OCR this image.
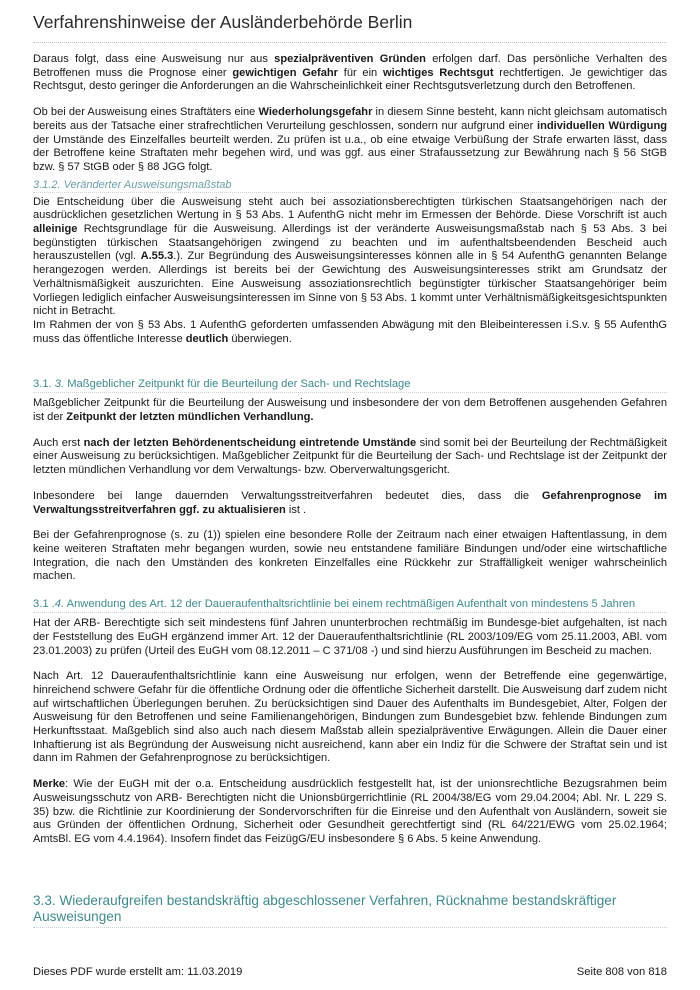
Verfahrenshinweise der Ausländerbehörde Berlin

Daraus folgt, dass eine Ausweisung nur aus spezialpräventiven Gründen erfolgen darf. Das persönliche Verhalten des Betroffenen muss die Prognose einer gewichtigen Gefahr für ein wichtiges Rechtsgut rechtfertigen. Je gewichtiger das Rechtsgut, desto geringer die Anforderungen an die Wahrscheinlichkeit einer Rechtsgutsverletzung durch den Betroffenen.

Ob bei der Ausweisung eines Straftäters eine Wiederholungsgefahr in diesem Sinne besteht, kann nicht gleichsam automatisch bereits aus der Tatsache einer strafrechtlichen Verurteilung geschlossen, sondern nur aufgrund einer individuellen Würdigung der Umstände des Einzelfalles beurteilt werden. Zu prüfen ist u.a., ob eine etwaige Verbüßung der Strafe erwarten lässt, dass der Betroffene keine Straftaten mehr begehen wird, und was ggf. aus einer Strafaussetzung zur Bewährung nach § 56 StGB bzw. § 57 StGB oder § 88 JGG folgt.

3.1.2. Veränderter Ausweisungsmaßstab

Die Entscheidung über die Ausweisung steht auch bei assoziationsberechtigten türkischen Staatsangehörigen nach der ausdrücklichen gesetzlichen Wertung in § 53 Abs. 1 AufenthG nicht mehr im Ermessen der Behörde. Diese Vorschrift ist auch alleinige Rechtsgrundlage für die Ausweisung. Allerdings ist der veränderte Ausweisungsmaßstab nach § 53 Abs. 3 bei begünstigten türkischen Staatsangehörigen zwingend zu beachten und im aufenthaltsbeendenden Bescheid auch herauszustellen (vgl. A.55.3.). Zur Begründung des Ausweisungsinteresses können alle in § 54 AufenthG genannten Belange herangezogen werden. Allerdings ist bereits bei der Gewichtung des Ausweisungsinteresses strikt am Grundsatz der Verhältnismäßigkeit auszurichten. Eine Ausweisung assoziationsrechtlich begünstigter türkischer Staatsangehöriger beim Vorliegen lediglich einfacher Ausweisungsinteressen im Sinne von § 53 Abs. 1 kommt unter Verhältnismäßigkeitsgesichtspunkten nicht in Betracht.

Im Rahmen der von § 53 Abs. 1 AufenthG geforderten umfassenden Abwägung mit den Bleibeinteressen i.S.v. § 55 AufenthG muss das öffentliche Interesse deutlich überwiegen.

3.1. 3. Maßgeblicher Zeitpunkt für die Beurteilung der Sach- und Rechtslage

Maßgeblicher Zeitpunkt für die Beurteilung der Ausweisung und insbesondere der von dem Betroffenen ausgehenden Gefahren ist der Zeitpunkt der letzten mündlichen Verhandlung.

Auch erst nach der letzten Behördenentscheidung eintretende Umstände sind somit bei der Beurteilung der Rechtmäßigkeit einer Ausweisung zu berücksichtigen. Maßgeblicher Zeitpunkt für die Beurteilung der Sach- und Rechtslage ist der Zeitpunkt der letzten mündlichen Verhandlung vor dem Verwaltungs- bzw. Oberverwaltungsgericht.

Inbesondere bei lange dauernden Verwaltungsstreitverfahren bedeutet dies, dass die Gefahrenprognose im Verwaltungsstreitverfahren ggf. zu aktualisieren ist .

Bei der Gefahrenprognose (s. zu (1)) spielen eine besondere Rolle der Zeitraum nach einer etwaigen Haftentlassung, in dem keine weiteren Straftaten mehr begangen wurden, sowie neu entstandene familiäre Bindungen und/oder eine wirtschaftliche Integration, die nach den Umständen des konkreten Einzelfalles eine Rückkehr zur Straffälligkeit weniger wahrscheinlich machen.

3.1 .4. Anwendung des Art. 12 der Daueraufenthaltsrichtlinie bei einem rechtmäßigen Aufenthalt von mindestens 5 Jahren

Hat der ARB- Berechtigte sich seit mindestens fünf Jahren ununterbrochen rechtmäßig im Bundesge-biet aufgehalten, ist nach der Feststellung des EuGH ergänzend immer Art. 12 der Daueraufenthaltsrichtlinie (RL 2003/109/EG vom 25.11.2003, ABl. vom 23.01.2003) zu prüfen (Urteil des EuGH vom 08.12.2011 – C 371/08 -) und sind hierzu Ausführungen im Bescheid zu machen.

Nach Art. 12 Daueraufenthaltsrichtlinie kann eine Ausweisung nur erfolgen, wenn der Betreffende eine gegenwärtige, hinreichend schwere Gefahr für die öffentliche Ordnung oder die öffentliche Sicherheit darstellt. Die Ausweisung darf zudem nicht auf wirtschaftlichen Überlegungen beruhen. Zu berücksichtigen sind Dauer des Aufenthalts im Bundesgebiet, Alter, Folgen der Ausweisung für den Betroffenen und seine Familienangehörigen, Bindungen zum Bundesgebiet bzw. fehlende Bindungen zum Herkunftsstaat. Maßgeblich sind also auch nach diesem Maßstab allein spezialpräventive Erwägungen. Allein die Dauer einer Inhaftierung ist als Begründung der Ausweisung nicht ausreichend, kann aber ein Indiz für die Schwere der Straftat sein und ist dann im Rahmen der Gefahrenprognose zu berücksichtigen.

Merke: Wie der EuGH mit der o.a. Entscheidung ausdrücklich festgestellt hat, ist der unionsrechtliche Bezugsrahmen beim Ausweisungsschutz von ARB- Berechtigten nicht die Unionsbürgerrichtlinie (RL 2004/38/EG vom 29.04.2004; Abl. Nr. L 229 S. 35) bzw. die Richtlinie zur Koordinierung der Sondervorschriften für die Einreise und den Aufenthalt von Ausländern, soweit sie aus Gründen der öffentlichen Ordnung, Sicherheit oder Gesundheit gerechtfertigt sind (RL 64/221/EWG vom 25.02.1964; AmtsBl. EG vom 4.4.1964). Insofern findet das FeizügG/EU insbesondere § 6 Abs. 5 keine Anwendung.

3.3. Wiederaufgreifen bestandskräftig abgeschlossener Verfahren, Rücknahme bestandskräftiger Ausweisungen
Dieses PDF wurde erstellt am: 11.03.2019	Seite 808 von 818
